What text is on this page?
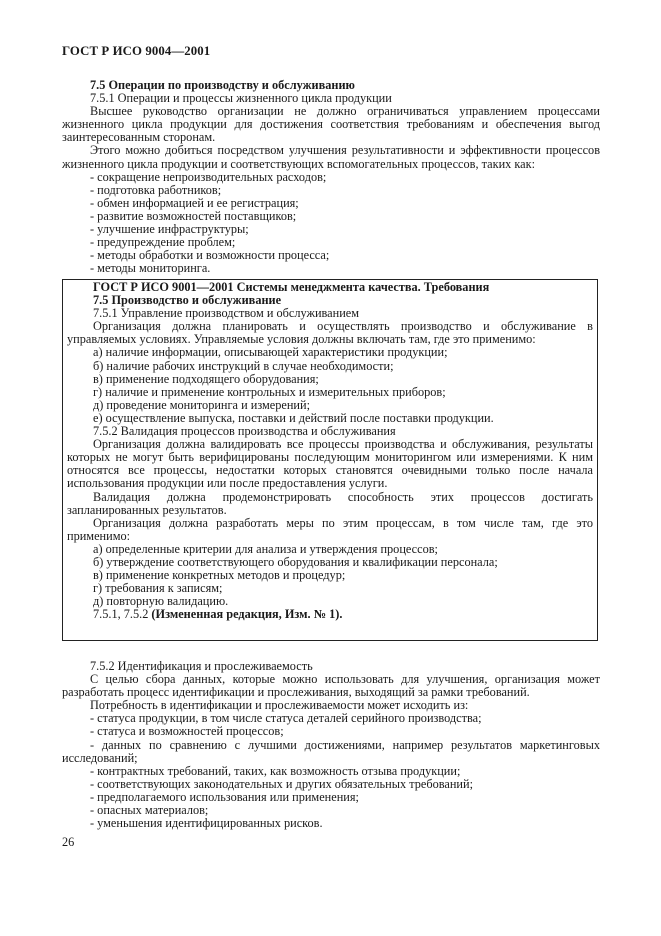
ГОСТ Р ИСО 9004—2001

7.5 Операции по производству и обслуживанию

7.5.1 Операции и процессы жизненного цикла продукции

Высшее руководство организации не должно ограничиваться управлением процессами жизненного цикла продукции для достижения соответствия требованиям и обеспечения выгод заинтересованным сторонам.

Этого можно добиться посредством улучшения результативности и эффективности процессов жизненного цикла продукции и соответствующих вспомогательных процессов, таких как:

- сокращение непроизводительных расходов;

- подготовка работников;

- обмен информацией и ее регистрация;

- развитие возможностей поставщиков;

- улучшение инфраструктуры;

- предупреждение проблем;

- методы обработки и возможности процесса;

- методы мониторинга.

ГОСТ Р ИСО 9001—2001 Системы менеджмента качества. Требования

7.5 Производство и обслуживание

7.5.1 Управление производством и обслуживанием

Организация должна планировать и осуществлять производство и обслуживание в управляемых условиях. Управляемые условия должны включать там, где это применимо:

а) наличие информации, описывающей характеристики продукции;

б) наличие рабочих инструкций в случае необходимости;

в) применение подходящего оборудования;

г) наличие и применение контрольных и измерительных приборов;

д) проведение мониторинга и измерений;

е) осуществление выпуска, поставки и действий после поставки продукции.

7.5.2 Валидация процессов производства и обслуживания

Организация должна валидировать все процессы производства и обслуживания, результаты которых не могут быть верифицированы последующим мониторингом или измерениями. К ним относятся все процессы, недостатки которых становятся очевидными только после начала использования продукции или после предоставления услуги.

Валидация должна продемонстрировать способность этих процессов достигать запланированных результатов.

Организация должна разработать меры по этим процессам, в том числе там, где это применимо:

а) определенные критерии для анализа и утверждения процессов;

б) утверждение соответствующего оборудования и квалификации персонала;

в) применение конкретных методов и процедур;

г) требования к записям;

д) повторную валидацию.

7.5.1, 7.5.2 (Измененная редакция, Изм. № 1).

7.5.2 Идентификация и прослеживаемость

С целью сбора данных, которые можно использовать для улучшения, организация может разработать процесс идентификации и прослеживания, выходящий за рамки требований.

Потребность в идентификации и прослеживаемости может исходить из:

- статуса продукции, в том числе статуса деталей серийного производства;

- статуса и возможностей процессов;

- данных по сравнению с лучшими достижениями, например результатов маркетинговых исследований;

- контрактных требований, таких, как возможность отзыва продукции;

- соответствующих законодательных и других обязательных требований;

- предполагаемого использования или применения;

- опасных материалов;

- уменьшения идентифицированных рисков.

26
